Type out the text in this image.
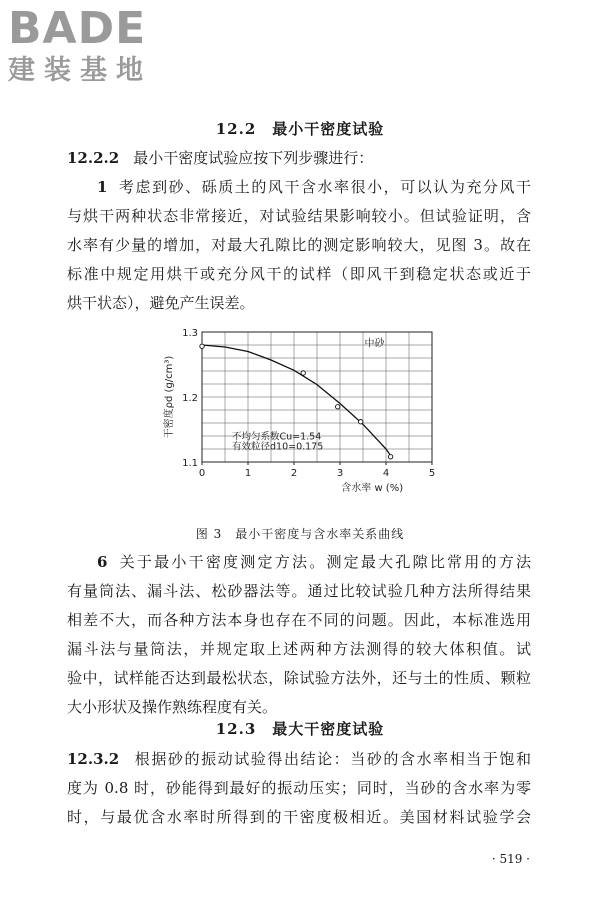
BADE
建装基地
12.2　最小干密度试验
12.2.2 最小干密度试验应按下列步骤进行：
1 考虑到砂、砾质土的风干含水率很小，可以认为充分风干
与烘干两种状态非常接近，对试验结果影响较小。但试验证明，含
水率有少量的增加，对最大孔隙比的测定影响较大，见图 3。故在
标准中规定用烘干或充分风干的试样（即风干到稳定状态或近于
烘干状态），避免产生误差。
0	1	2	3	4	5
1.1
1.2
1.3
干密度ρd (g/cm³)
含水率 w (%)
中砂
不均匀系数Cu=1.54
有效粒径d10=0.175
图 3　最小干密度与含水率关系曲线
6 关于最小干密度测定方法。测定最大孔隙比常用的方法
有量筒法、漏斗法、松砂器法等。通过比较试验几种方法所得结果
相差不大，而各种方法本身也存在不同的问题。因此，本标准选用
漏斗法与量筒法，并规定取上述两种方法测得的较大体积值。试
验中，试样能否达到最松状态，除试验方法外，还与土的性质、颗粒
大小形状及操作熟练程度有关。
12.3　最大干密度试验
12.3.2 根据砂的振动试验得出结论：当砂的含水率相当于饱和
度为 0.8 时，砂能得到最好的振动压实；同时，当砂的含水率为零
时，与最优含水率时所得到的干密度极相近。美国材料试验学会
· 519 ·
